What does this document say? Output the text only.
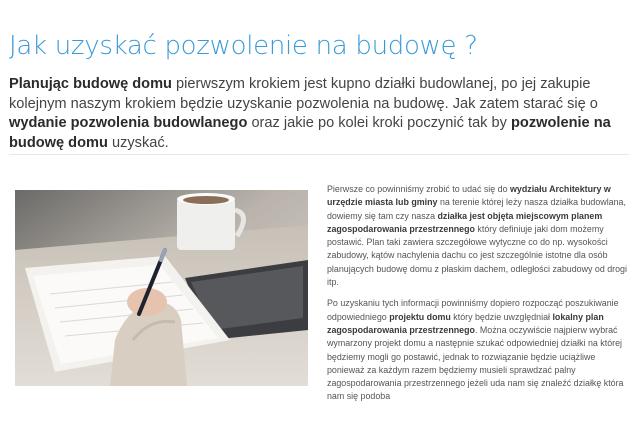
Jak uzyskać pozwolenie na budowę ?

Planując budowę domu pierwszym krokiem jest kupno działki budowlanej, po jej zakupie kolejnym naszym krokiem będzie uzyskanie pozwolenia na budowę. Jak zatem starać się o wydanie pozwolenia budowlanego oraz jakie po kolei kroki poczynić tak by pozwolenie na budowę domu uzyskać.

Pierwsze co powinniśmy zrobić to udać się do wydziału Architektury w urzędzie miasta lub gminy na terenie której leży nasza działka budowlana, dowiemy się tam czy nasza działka jest objęta miejscowym planem zagospodarowania przestrzennego który definiuje jaki dom możemy postawić. Plan taki zawiera szczegółowe wytyczne co do np. wysokości zabudowy, kątów nachylenia dachu co jest szczególnie istotne dla osób planujących budowę domu z płaskim dachem, odległości zabudowy od drogi itp.

Po uzyskaniu tych informacji powinniśmy dopiero rozpocząć poszukiwanie odpowiedniego projektu domu który będzie uwzględniał lokalny plan zagospodarowania przestrzennego. Można oczywiście najpierw wybrać wymarzony projekt domu a następnie szukać odpowiedniej działki na której będziemy mogli go postawić, jednak to rozwiązanie będzie uciążliwe ponieważ za każdym razem będziemy musieli sprawdzać palny zagospodarowania przestrzennego jeżeli uda nam się znaleźć działkę która nam się podoba
